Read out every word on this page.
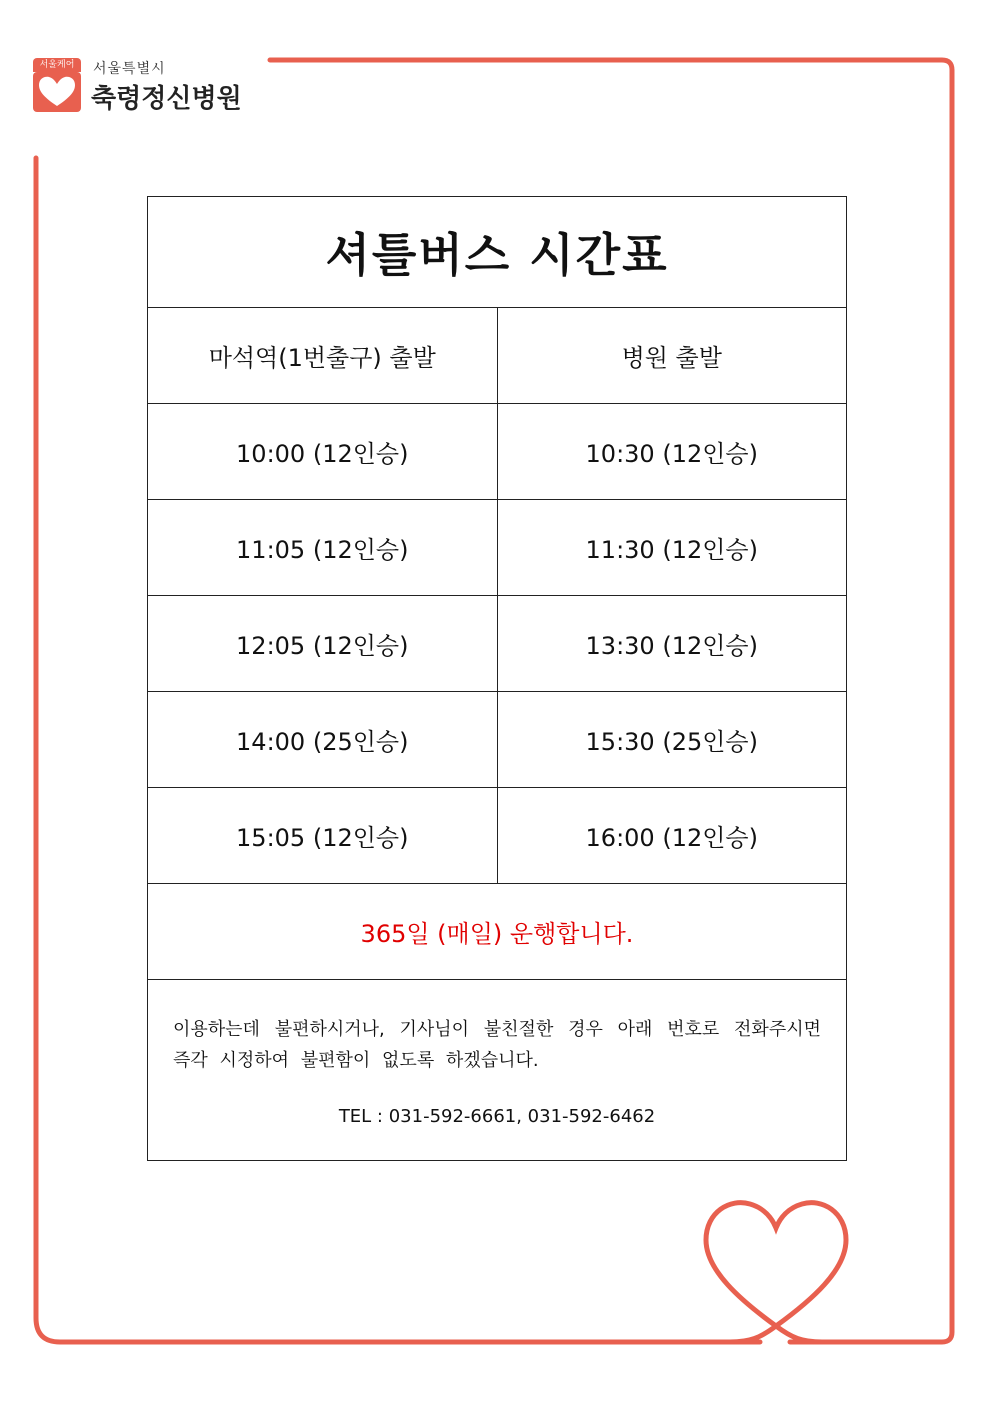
서울케어	서울특별시
축령정신병원
셔틀버스 시간표	
마석역(1번출구) 출발	병원 출발
10:00 (12인승)	10:30 (12인승)
11:05 (12인승)	11:30 (12인승)
12:05 (12인승)	13:30 (12인승)
14:00 (25인승)	15:30 (25인승)
15:05 (12인승)	16:00 (12인승)
365일 (매일) 운행합니다.	

이용하는데 불편하시거나, 기사님이 불친절한 경우 아래 번호로 전화주시면 즉각 시정하여 불편함이 없도록 하겠습니다.
TEL : 031-592-6661, 031-592-6462	
